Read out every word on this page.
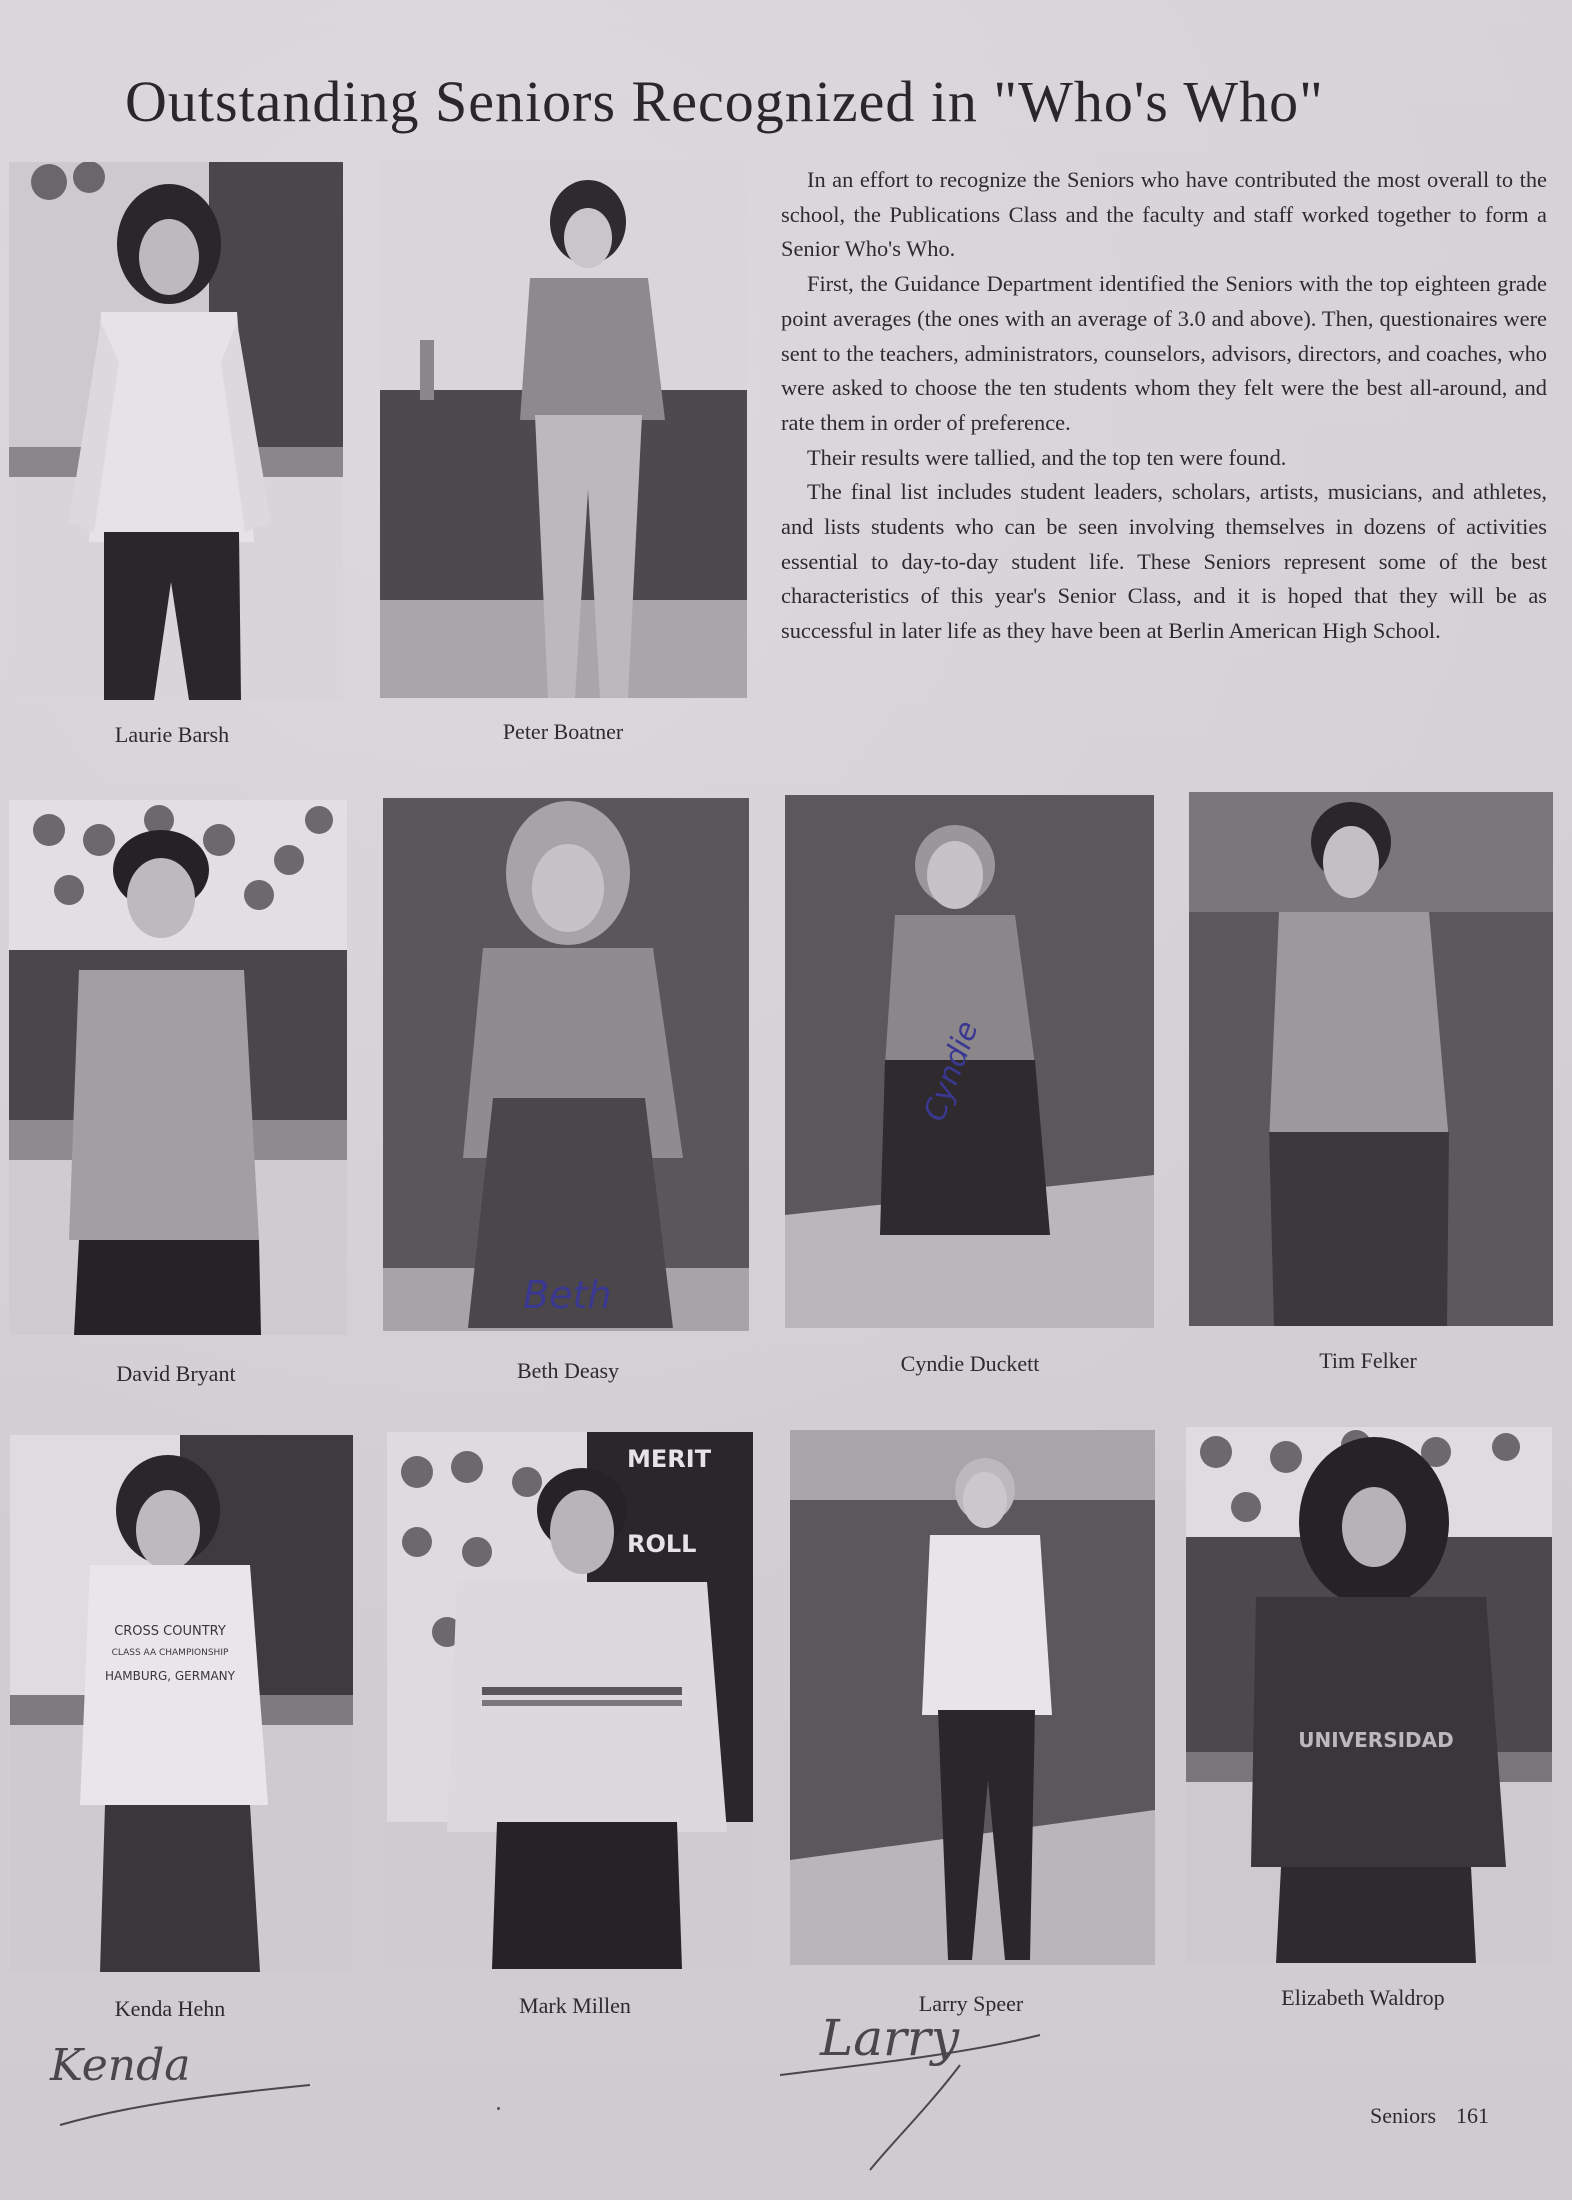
Outstanding Seniors Recognized in "Who's Who"

In an effort to recognize the Seniors who have contributed the most overall to the school, the Publications Class and the faculty and staff worked together to form a Senior Who's Who.

First, the Guidance Department identified the Seniors with the top eighteen grade point averages (the ones with an average of 3.0 and above). Then, questionaires were sent to the teachers, administrators, counselors, advisors, directors, and coaches, who were asked to choose the ten students whom they felt were the best all-around, and rate them in order of preference.

Their results were tallied, and the top ten were found.

The final list includes student leaders, scholars, artists, musicians, and athletes, and lists students who can be seen involving themselves in dozens of activities essential to day-to-day student life. These Seniors represent some of the best characteristics of this year's Senior Class, and it is hoped that they will be as successful in later life as they have been at Berlin American High School.

Laurie Barsh	Peter Boatner
David Bryant
Beth
Beth Deasy
Cyndie
Cyndie Duckett	Tim Felker
CROSS COUNTRY
CLASS AA CHAMPIONSHIP
HAMBURG, GERMANY
Kenda Hehn
MERIT
ROLL
Mark Millen	Larry Speer
UNIVERSIDAD
Elizabeth Waldrop
Kenda	Larry
Seniors 161
